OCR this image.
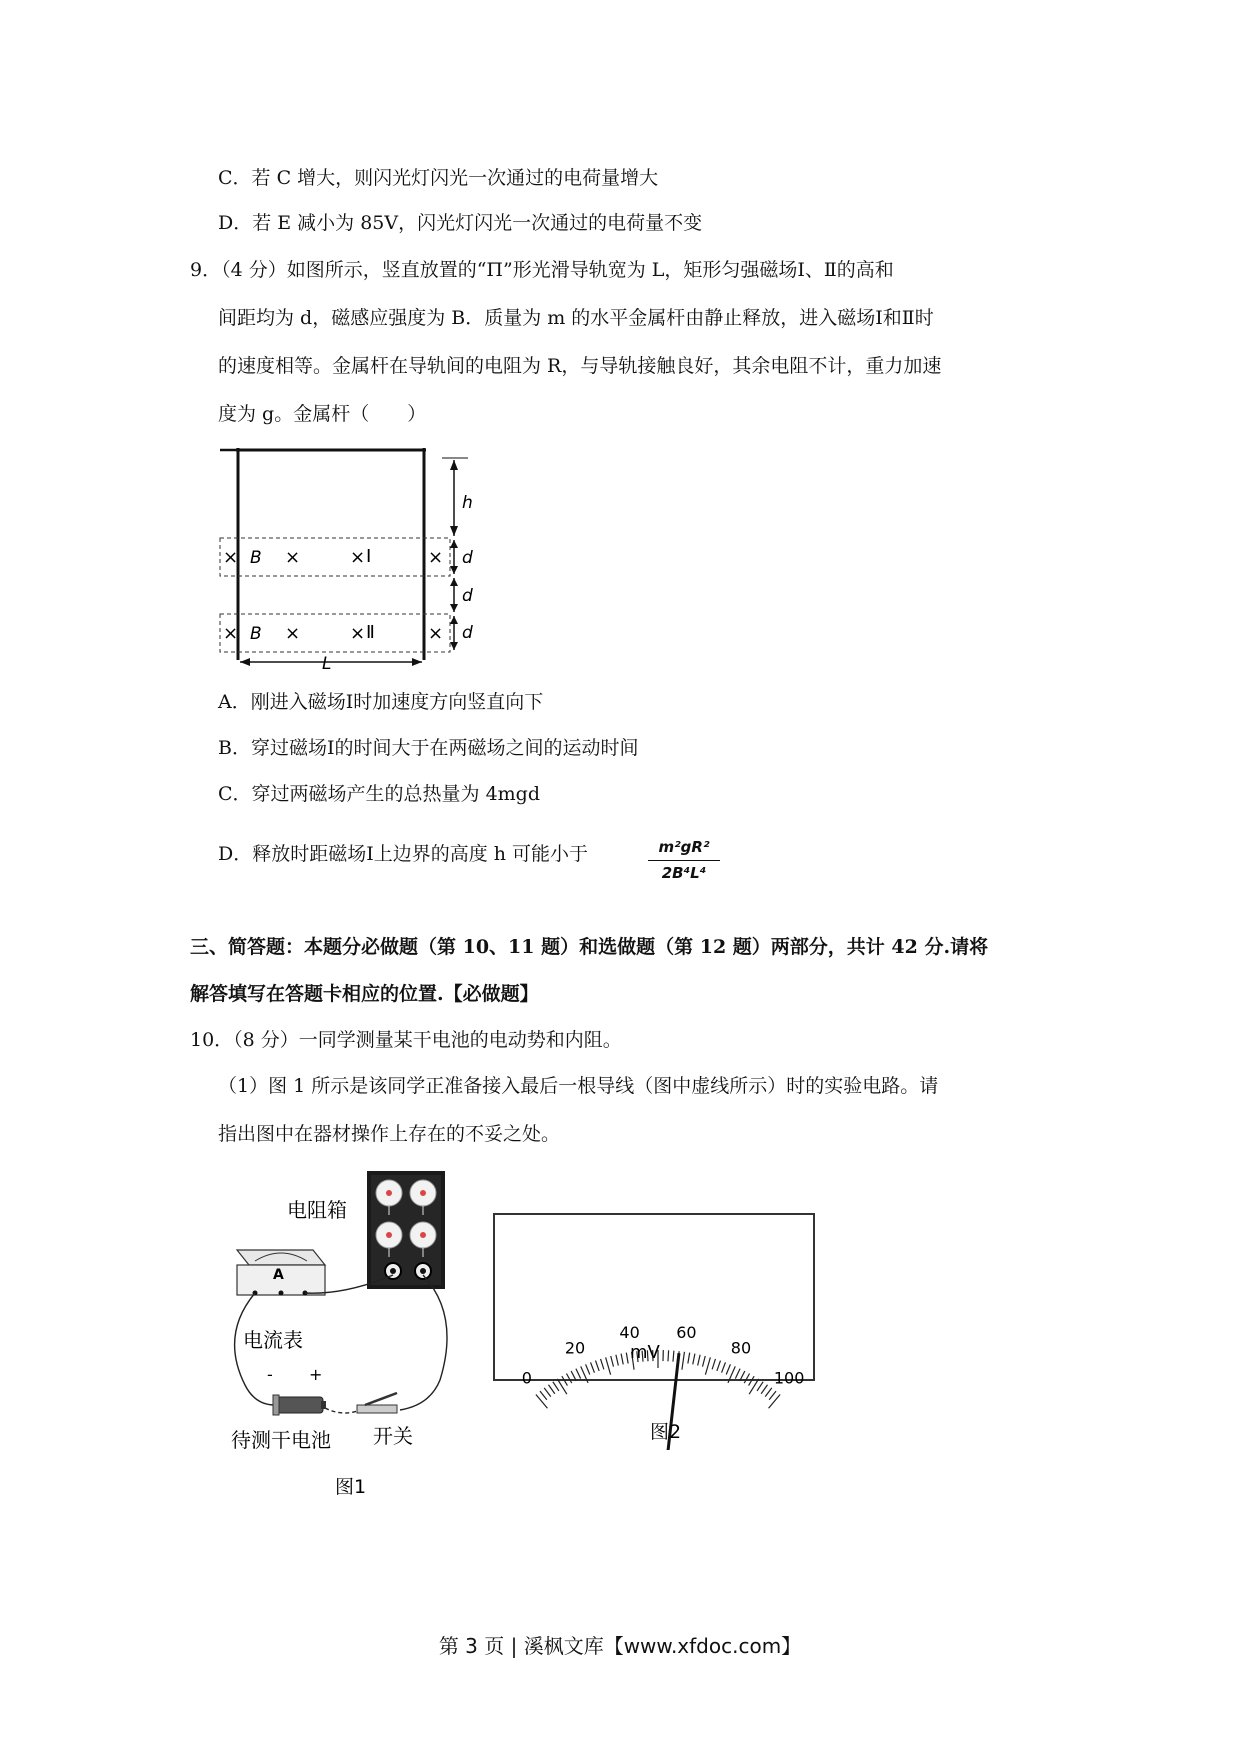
C．若 C 增大，则闪光灯闪光一次通过的电荷量增大
D．若 E 减小为 85V，闪光灯闪光一次通过的电荷量不变
9．（4 分）如图所示，竖直放置的“Π”形光滑导轨宽为 L，矩形匀强磁场Ⅰ、Ⅱ的高和
间距均为 d，磁感应强度为 B．质量为 m 的水平金属杆由静止释放，进入磁场Ⅰ和Ⅱ时
的速度相等。金属杆在导轨间的电阻为 R，与导轨接触良好，其余电阻不计，重力加速
度为 g。金属杆（　　）
× B ×	× Ⅰ	×
× B ×	× Ⅱ	×
h
d
d
d
L
A．刚进入磁场Ⅰ时加速度方向竖直向下
B．穿过磁场Ⅰ的时间大于在两磁场之间的运动时间
C．穿过两磁场产生的总热量为 4mgd
D．释放时距磁场Ⅰ上边界的高度 h 可能小于	m²gR²
2B⁴L⁴
三、简答题：本题分必做题（第 10、11 题）和选做题（第 12 题）两部分，共计 42 分.请将
解答填写在答题卡相应的位置.【必做题】
10．（8 分）一同学测量某干电池的电动势和内阻。
（1）图 1 所示是该同学正准备接入最后一根导线（图中虚线所示）时的实验电路。请
指出图中在器材操作上存在的不妥之处。
电阻箱
A
电流表
- +
待测干电池 开关
图1
0
20
40 60
80
100
mV
图2
第 3 页 | 溪枫文库【www.xfdoc.com】
